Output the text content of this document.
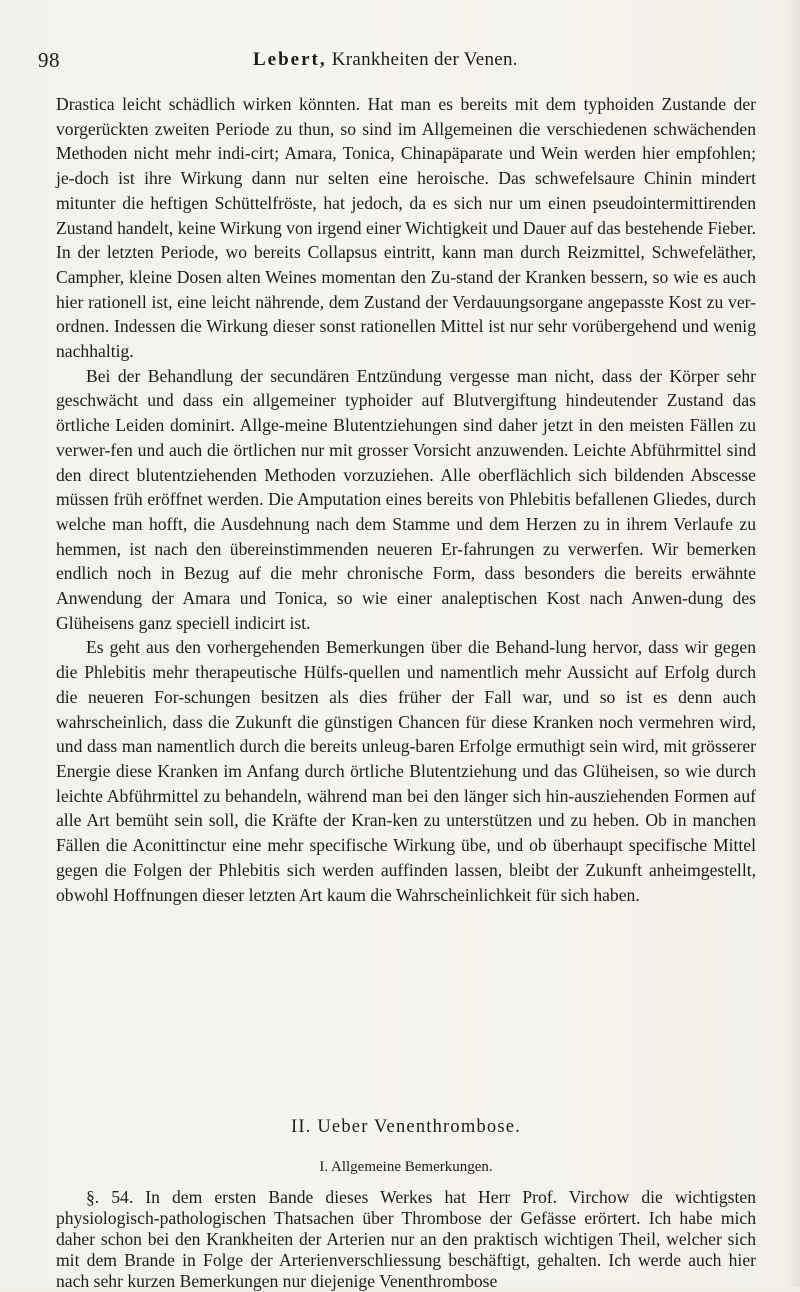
98	Lebert, Krankheiten der Venen.

Drastica leicht schädlich wirken könnten. Hat man es bereits mit dem typhoiden Zustande der vorgerückten zweiten Periode zu thun, so sind im Allgemeinen die verschiedenen schwächenden Methoden nicht mehr indi-cirt; Amara, Tonica, Chinapäparate und Wein werden hier empfohlen; je-doch ist ihre Wirkung dann nur selten eine heroische. Das schwefelsaure Chinin mindert mitunter die heftigen Schüttelfröste, hat jedoch, da es sich nur um einen pseudointermittirenden Zustand handelt, keine Wirkung von irgend einer Wichtigkeit und Dauer auf das bestehende Fieber. In der letzten Periode, wo bereits Collapsus eintritt, kann man durch Reizmittel, Schwefeläther, Campher, kleine Dosen alten Weines momentan den Zu-stand der Kranken bessern, so wie es auch hier rationell ist, eine leicht nährende, dem Zustand der Verdauungsorgane angepasste Kost zu ver-ordnen. Indessen die Wirkung dieser sonst rationellen Mittel ist nur sehr vorübergehend und wenig nachhaltig.

Bei der Behandlung der secundären Entzündung vergesse man nicht, dass der Körper sehr geschwächt und dass ein allgemeiner typhoider auf Blutvergiftung hindeutender Zustand das örtliche Leiden dominirt. Allge-meine Blutentziehungen sind daher jetzt in den meisten Fällen zu verwer-fen und auch die örtlichen nur mit grosser Vorsicht anzuwenden. Leichte Abführmittel sind den direct blutentziehenden Methoden vorzuziehen. Alle oberflächlich sich bildenden Abscesse müssen früh eröffnet werden. Die Amputation eines bereits von Phlebitis befallenen Gliedes, durch welche man hofft, die Ausdehnung nach dem Stamme und dem Herzen zu in ihrem Verlaufe zu hemmen, ist nach den übereinstimmenden neueren Er-fahrungen zu verwerfen. Wir bemerken endlich noch in Bezug auf die mehr chronische Form, dass besonders die bereits erwähnte Anwendung der Amara und Tonica, so wie einer analeptischen Kost nach Anwen-dung des Glüheisens ganz speciell indicirt ist.

Es geht aus den vorhergehenden Bemerkungen über die Behand-lung hervor, dass wir gegen die Phlebitis mehr therapeutische Hülfs-quellen und namentlich mehr Aussicht auf Erfolg durch die neueren For-schungen besitzen als dies früher der Fall war, und so ist es denn auch wahrscheinlich, dass die Zukunft die günstigen Chancen für diese Kranken noch vermehren wird, und dass man namentlich durch die bereits unleug-baren Erfolge ermuthigt sein wird, mit grösserer Energie diese Kranken im Anfang durch örtliche Blutentziehung und das Glüheisen, so wie durch leichte Abführmittel zu behandeln, während man bei den länger sich hin-ausziehenden Formen auf alle Art bemüht sein soll, die Kräfte der Kran-ken zu unterstützen und zu heben. Ob in manchen Fällen die Aconittinctur eine mehr specifische Wirkung übe, und ob überhaupt specifische Mittel gegen die Folgen der Phlebitis sich werden auffinden lassen, bleibt der Zukunft anheimgestellt, obwohl Hoffnungen dieser letzten Art kaum die Wahrscheinlichkeit für sich haben.

II. Ueber Venenthrombose.
I. Allgemeine Bemerkungen.

§. 54. In dem ersten Bande dieses Werkes hat Herr Prof. Virchow die wichtigsten physiologisch-pathologischen Thatsachen über Thrombose der Gefässe erörtert. Ich habe mich daher schon bei den Krankheiten der Arterien nur an den praktisch wichtigen Theil, welcher sich mit dem Brande in Folge der Arterienverschliessung beschäftigt, gehalten. Ich werde auch hier nach sehr kurzen Bemerkungen nur diejenige Venenthrombose
